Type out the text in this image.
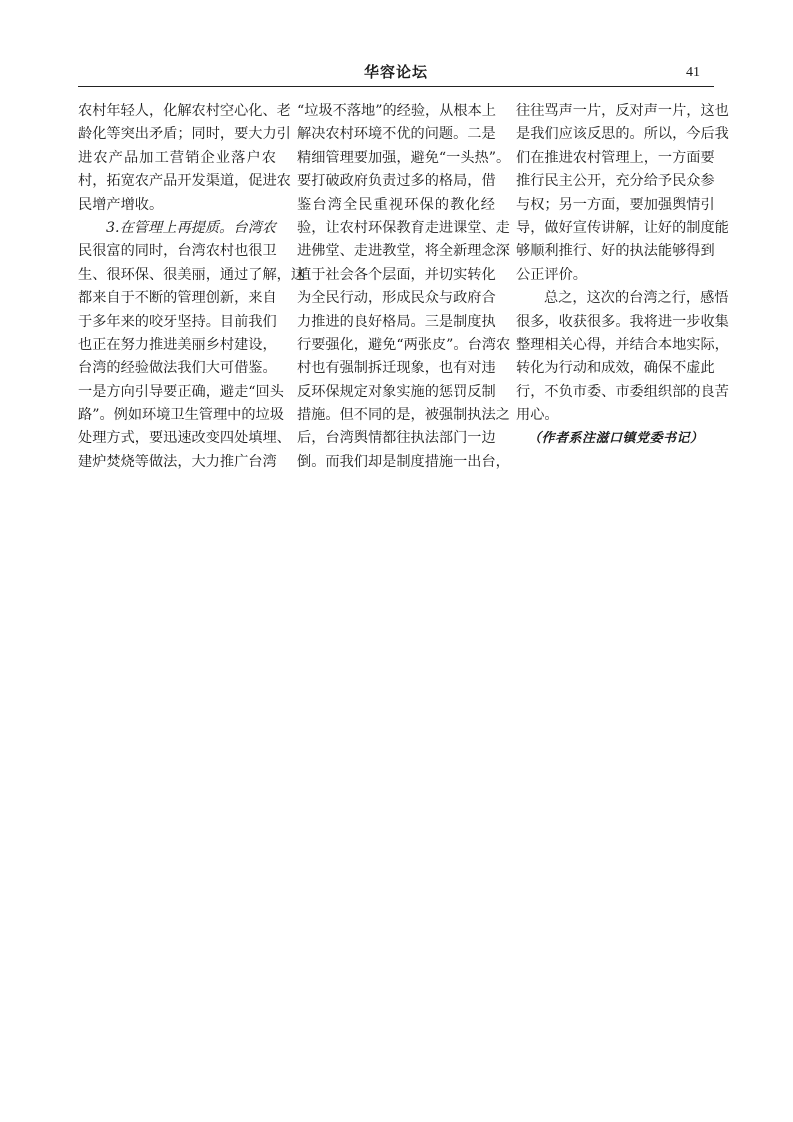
华容论坛	41
农村年轻人，化解农村空心化、老
龄化等突出矛盾；同时，要大力引
进农产品加工营销企业落户农
村，拓宽农产品开发渠道，促进农
民增产增收。
3.在管理上再提质。台湾农
民很富的同时，台湾农村也很卫
生、很环保、很美丽，通过了解，这
都来自于不断的管理创新，来自
于多年来的咬牙坚持。目前我们
也正在努力推进美丽乡村建设，
台湾的经验做法我们大可借鉴。
一是方向引导要正确，避走“回头
路”。例如环境卫生管理中的垃圾
处理方式，要迅速改变四处填埋、
建炉焚烧等做法，大力推广台湾
“垃圾不落地”的经验，从根本上
解决农村环境不优的问题。二是
精细管理要加强，避免“一头热”。
要打破政府负责过多的格局，借
鉴台湾全民重视环保的教化经
验，让农村环保教育走进课堂、走
进佛堂、走进教堂，将全新理念深
植于社会各个层面，并切实转化
为全民行动，形成民众与政府合
力推进的良好格局。三是制度执
行要强化，避免“两张皮”。台湾农
村也有强制拆迁现象，也有对违
反环保规定对象实施的惩罚反制
措施。但不同的是，被强制执法之
后，台湾舆情都往执法部门一边
倒。而我们却是制度措施一出台，
往往骂声一片，反对声一片，这也
是我们应该反思的。所以，今后我
们在推进农村管理上，一方面要
推行民主公开，充分给予民众参
与权；另一方面，要加强舆情引
导，做好宣传讲解，让好的制度能
够顺利推行、好的执法能够得到
公正评价。
总之，这次的台湾之行，感悟
很多，收获很多。我将进一步收集
整理相关心得，并结合本地实际，
转化为行动和成效，确保不虚此
行，不负市委、市委组织部的良苦
用心。
（作者系注滋口镇党委书记）
